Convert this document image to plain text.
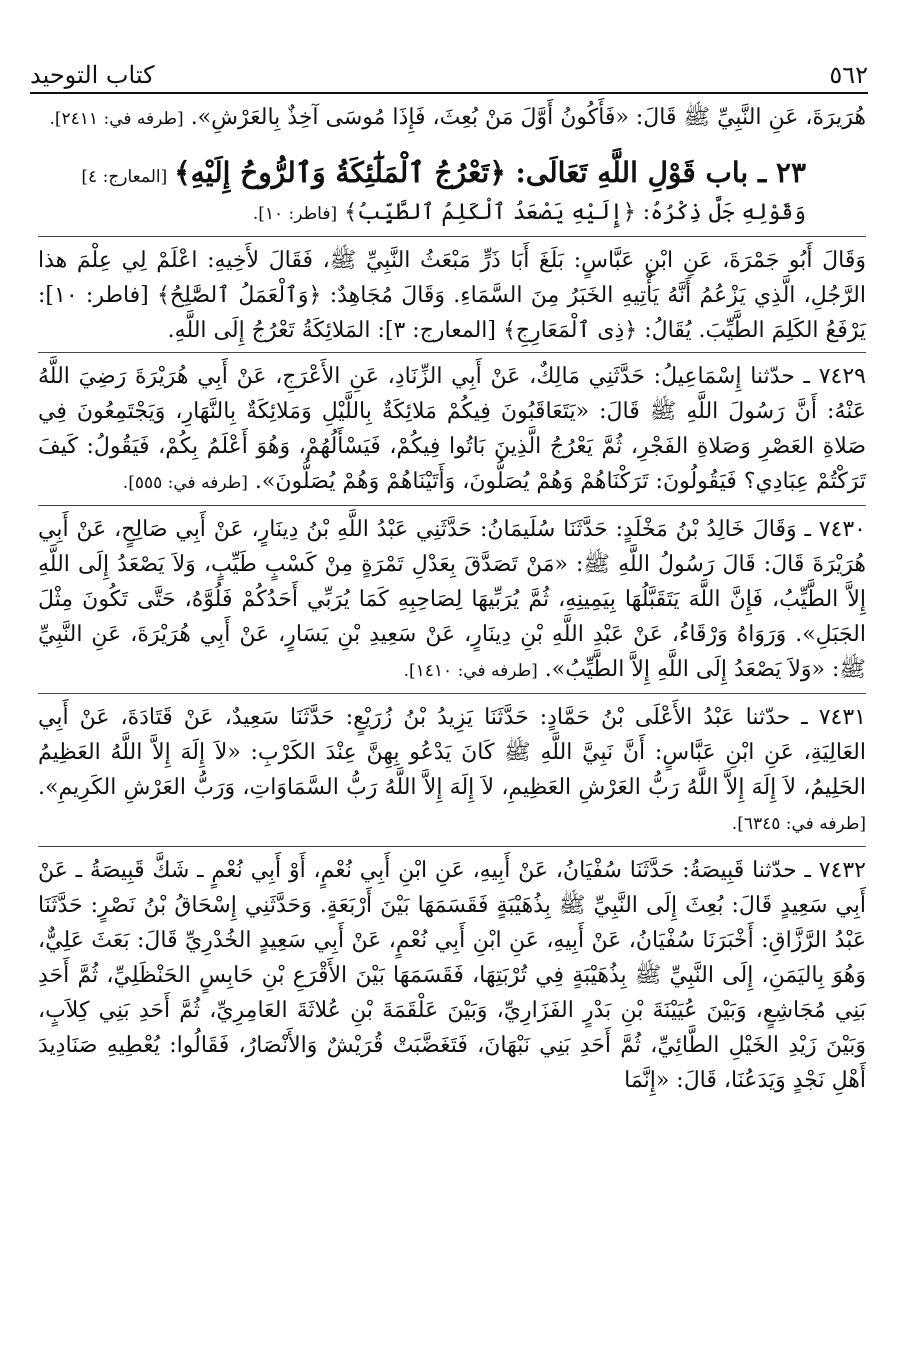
كتاب التوحيد	٥٦٢

هُرَيرَةَ، عَنِ النَّبِيِّ ﷺ قَالَ: «فَأَكُونُ أَوَّلَ مَنْ بُعِثَ، فَإِذَا مُوسَى آخِذٌ بِالعَرْشِ». [طرفه في: ٢٤١١].

٢٣ ـ باب قَوْلِ اللَّهِ تَعَالَى: ﴿تَعْرُجُ ٱلْمَلَٰٓئِكَةُ وَٱلرُّوحُ إِلَيْهِ﴾ [المعارج: ٤]

وَقَوْلِهِ جَلَّ ذِكْرُهُ: ﴿إِلَيْهِ يَصْعَدُ ٱلْكَلِمُ ٱلطَّيِّبُ﴾ [فاطر: ١٠].

وَقَالَ أَبُو جَمْرَةَ، عَنِ ابْنِ عَبَّاسٍ: بَلَغَ أَبَا ذَرٍّ مَبْعَثُ النَّبِيِّ ﷺ، فَقَالَ لأَخِيهِ: اعْلَمْ لِي عِلْمَ هذا الرَّجُلِ، الَّذِي يَزْعُمُ أَنَّهُ يَأْتِيهِ الخَبَرُ مِنَ السَّمَاءِ. وَقَالَ مُجَاهِدٌ: ﴿وَٱلْعَمَلُ ٱلصَّٰلِحُ﴾ [فاطر: ١٠]: يَرْفَعُ الكَلِمَ الطَّيِّبَ. يُقَالُ: ﴿ذِى ٱلْمَعَارِجِ﴾ [المعارج: ٣]: المَلائِكَةُ تَعْرُجُ إِلَى اللَّهِ.

٧٤٢٩ ـ حدّثنا إِسْمَاعِيلُ: حَدَّثَنِي مَالِكٌ، عَنْ أَبِي الزِّنَادِ، عَنِ الأَعْرَجِ، عَنْ أَبِي هُرَيْرَةَ رَضِيَ اللَّهُ عَنْهُ: أَنَّ رَسُولَ اللَّهِ ﷺ قَالَ: «يَتَعَاقَبُونَ فِيكُمْ مَلائِكَةٌ بِاللَّيْلِ وَمَلائِكَةٌ بِالنَّهَارِ، وَيَجْتَمِعُونَ فِي صَلاةِ العَصْرِ وَصَلاةِ الفَجْرِ، ثُمَّ يَعْرُجُ الَّذِينَ بَاتُوا فِيكُمْ، فَيَسْأَلُهُمْ، وَهُوَ أَعْلَمُ بِكُمْ، فَيَقُولُ: كَيفَ تَرَكْتُمْ عِبَادِي؟ فَيَقُولُونَ: تَرَكْنَاهُمْ وَهُمْ يُصَلُّونَ، وَأَتَيْنَاهُمْ وَهُمْ يُصَلُّونَ». [طرفه في: ٥٥٥].

٧٤٣٠ ـ وَقَالَ خَالِدُ بْنُ مَخْلَدٍ: حَدَّثَنَا سُلَيمَانُ: حَدَّثَنِي عَبْدُ اللَّهِ بْنُ دِينَارٍ، عَنْ أَبِي صَالِحٍ، عَنْ أَبِي هُرَيْرَةَ قَالَ: قَالَ رَسُولُ اللَّهِ ﷺ: «مَنْ تَصَدَّقَ بِعَدْلِ تَمْرَةٍ مِنْ كَسْبٍ طَيِّبٍ، وَلاَ يَصْعَدُ إِلَى اللَّهِ إِلاَّ الطَّيِّبُ، فَإِنَّ اللَّهَ يَتَقَبَّلُهَا بِيَمِينِهِ، ثُمَّ يُرَبِّيهَا لِصَاحِبِهِ كَمَا يُرَبِّي أَحَدُكُمْ فَلُوَّهُ، حَتَّى تَكُونَ مِثْلَ الجَبَلِ». وَرَوَاهُ وَرْقَاءُ، عَنْ عَبْدِ اللَّهِ بْنِ دِينَارٍ، عَنْ سَعِيدِ بْنِ يَسَارٍ، عَنْ أَبِي هُرَيْرَةَ، عَنِ النَّبِيِّ ﷺ: «وَلاَ يَصْعَدُ إِلَى اللَّهِ إِلاَّ الطَّيِّبُ». [طرفه في: ١٤١٠].

٧٤٣١ ـ حدّثنا عَبْدُ الأَعْلَى بْنُ حَمَّادٍ: حَدَّثَنَا يَزِيدُ بْنُ زُرَيْعٍ: حَدَّثَنَا سَعِيدٌ، عَنْ قَتَادَةَ، عَنْ أَبِي العَالِيَةِ، عَنِ ابْنِ عَبَّاسٍ: أَنَّ نَبِيَّ اللَّهِ ﷺ كَانَ يَدْعُو بِهِنَّ عِنْدَ الكَرْبِ: «لاَ إِلَهَ إِلاَّ اللَّهُ العَظِيمُ الحَلِيمُ، لاَ إِلَهَ إِلاَّ اللَّهُ رَبُّ العَرْشِ العَظِيمِ، لاَ إِلَهَ إِلاَّ اللَّهُ رَبُّ السَّمَاوَاتِ، وَرَبُّ العَرْشِ الكَرِيمِ». [طرفه في: ٦٣٤٥].

٧٤٣٢ ـ حدّثنا قَبِيصَةُ: حَدَّثَنَا سُفْيَانُ، عَنْ أَبِيهِ، عَنِ ابْنِ أَبِي نُعْمٍ، أَوْ أَبِي نُعْمٍ ـ شَكَّ قَبِيصَةُ ـ عَنْ أَبِي سَعِيدٍ قَالَ: بُعِثَ إِلَى النَّبِيِّ ﷺ بِذُهَيْبَةٍ فَقَسَمَهَا بَيْنَ أَرْبَعَةٍ. وَحَدَّثَنِي إِسْحَاقُ بْنُ نَصْرٍ: حَدَّثَنَا عَبْدُ الرَّزَّاقِ: أَخْبَرَنَا سُفْيَانُ، عَنْ أَبِيهِ، عَنِ ابْنِ أَبِي نُعْمٍ، عَنْ أَبِي سَعِيدٍ الخُدْرِيِّ قَالَ: بَعَثَ عَلِيٌّ، وَهُوَ بِاليَمَنِ، إِلَى النَّبِيِّ ﷺ بِذُهَيْبَةٍ فِي تُرْبَتِهَا، فَقَسَمَهَا بَيْنَ الأَقْرَعِ بْنِ حَابِسٍ الحَنْظَلِيِّ، ثُمَّ أَحَدِ بَنِي مُجَاشِعٍ، وَبَيْنَ عُيَيْنَةَ بْنِ بَدْرٍ الفَزَارِيِّ، وَبَيْنَ عَلْقَمَةَ بْنِ عُلاثَةَ العَامِرِيِّ، ثُمَّ أَحَدِ بَنِي كِلاَبٍ، وَبَيْنَ زَيْدِ الخَيْلِ الطَّائِيِّ، ثُمَّ أَحَدِ بَنِي نَبْهَانَ، فَتَغَضَّبَتْ قُرَيْشٌ وَالأَنْصَارُ، فَقَالُوا: يُعْطِيهِ صَنَادِيدَ أَهْلِ نَجْدٍ وَيَدَعُنَا، قَالَ: «إِنَّمَا
